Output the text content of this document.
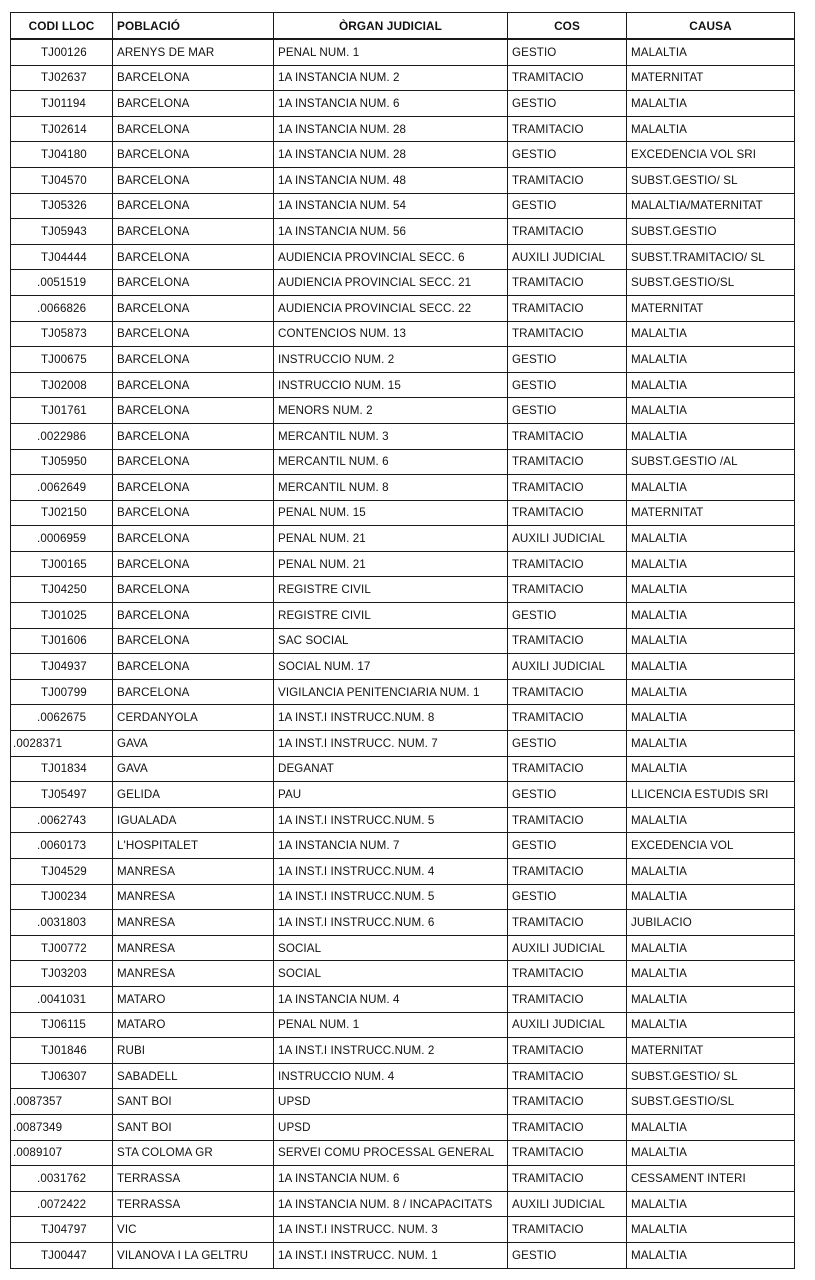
CODI LLOC	POBLACIÓ	ÒRGAN JUDICIAL	COS	CAUSA
TJ00126	ARENYS DE MAR	PENAL NUM. 1	GESTIO	MALALTIA
TJ02637	BARCELONA	1A INSTANCIA NUM. 2	TRAMITACIO	MATERNITAT
TJ01194	BARCELONA	1A INSTANCIA NUM. 6	GESTIO	MALALTIA
TJ02614	BARCELONA	1A INSTANCIA NUM. 28	TRAMITACIO	MALALTIA
TJ04180	BARCELONA	1A INSTANCIA NUM. 28	GESTIO	EXCEDENCIA VOL SRI
TJ04570	BARCELONA	1A INSTANCIA NUM. 48	TRAMITACIO	SUBST.GESTIO/ SL
TJ05326	BARCELONA	1A INSTANCIA NUM. 54	GESTIO	MALALTIA/MATERNITAT
TJ05943	BARCELONA	1A INSTANCIA NUM. 56	TRAMITACIO	SUBST.GESTIO
TJ04444	BARCELONA	AUDIENCIA PROVINCIAL SECC. 6	AUXILI JUDICIAL	SUBST.TRAMITACIO/ SL
.0051519	BARCELONA	AUDIENCIA PROVINCIAL SECC. 21	TRAMITACIO	SUBST.GESTIO/SL
.0066826	BARCELONA	AUDIENCIA PROVINCIAL SECC. 22	TRAMITACIO	MATERNITAT
TJ05873	BARCELONA	CONTENCIOS NUM. 13	TRAMITACIO	MALALTIA
TJ00675	BARCELONA	INSTRUCCIO NUM. 2	GESTIO	MALALTIA
TJ02008	BARCELONA	INSTRUCCIO NUM. 15	GESTIO	MALALTIA
TJ01761	BARCELONA	MENORS NUM. 2	GESTIO	MALALTIA
.0022986	BARCELONA	MERCANTIL NUM. 3	TRAMITACIO	MALALTIA
TJ05950	BARCELONA	MERCANTIL NUM. 6	TRAMITACIO	SUBST.GESTIO /AL
.0062649	BARCELONA	MERCANTIL NUM. 8	TRAMITACIO	MALALTIA
TJ02150	BARCELONA	PENAL NUM. 15	TRAMITACIO	MATERNITAT
.0006959	BARCELONA	PENAL NUM. 21	AUXILI JUDICIAL	MALALTIA
TJ00165	BARCELONA	PENAL NUM. 21	TRAMITACIO	MALALTIA
TJ04250	BARCELONA	REGISTRE CIVIL	TRAMITACIO	MALALTIA
TJ01025	BARCELONA	REGISTRE CIVIL	GESTIO	MALALTIA
TJ01606	BARCELONA	SAC SOCIAL	TRAMITACIO	MALALTIA
TJ04937	BARCELONA	SOCIAL NUM. 17	AUXILI JUDICIAL	MALALTIA
TJ00799	BARCELONA	VIGILANCIA PENITENCIARIA NUM. 1	TRAMITACIO	MALALTIA
.0062675	CERDANYOLA	1A INST.I INSTRUCC.NUM. 8	TRAMITACIO	MALALTIA
.0028371	GAVA	1A INST.I INSTRUCC. NUM. 7	GESTIO	MALALTIA
TJ01834	GAVA	DEGANAT	TRAMITACIO	MALALTIA
TJ05497	GELIDA	PAU	GESTIO	LLICENCIA ESTUDIS SRI
.0062743	IGUALADA	1A INST.I INSTRUCC.NUM. 5	TRAMITACIO	MALALTIA
.0060173	L'HOSPITALET	1A INSTANCIA NUM. 7	GESTIO	EXCEDENCIA VOL
TJ04529	MANRESA	1A INST.I INSTRUCC.NUM. 4	TRAMITACIO	MALALTIA
TJ00234	MANRESA	1A INST.I INSTRUCC.NUM. 5	GESTIO	MALALTIA
.0031803	MANRESA	1A INST.I INSTRUCC.NUM. 6	TRAMITACIO	JUBILACIO
TJ00772	MANRESA	SOCIAL	AUXILI JUDICIAL	MALALTIA
TJ03203	MANRESA	SOCIAL	TRAMITACIO	MALALTIA
.0041031	MATARO	1A INSTANCIA NUM. 4	TRAMITACIO	MALALTIA
TJ06115	MATARO	PENAL NUM. 1	AUXILI JUDICIAL	MALALTIA
TJ01846	RUBI	1A INST.I INSTRUCC.NUM. 2	TRAMITACIO	MATERNITAT
TJ06307	SABADELL	INSTRUCCIO NUM. 4	TRAMITACIO	SUBST.GESTIO/ SL
.0087357	SANT BOI	UPSD	TRAMITACIO	SUBST.GESTIO/SL
.0087349	SANT BOI	UPSD	TRAMITACIO	MALALTIA
.0089107	STA COLOMA GR	SERVEI COMU PROCESSAL GENERAL	TRAMITACIO	MALALTIA
.0031762	TERRASSA	1A INSTANCIA NUM. 6	TRAMITACIO	CESSAMENT INTERI
.0072422	TERRASSA	1A INSTANCIA NUM. 8 / INCAPACITATS	AUXILI JUDICIAL	MALALTIA
TJ04797	VIC	1A INST.I INSTRUCC. NUM. 3	TRAMITACIO	MALALTIA
TJ00447	VILANOVA I LA GELTRU	1A INST.I INSTRUCC. NUM. 1	GESTIO	MALALTIA
